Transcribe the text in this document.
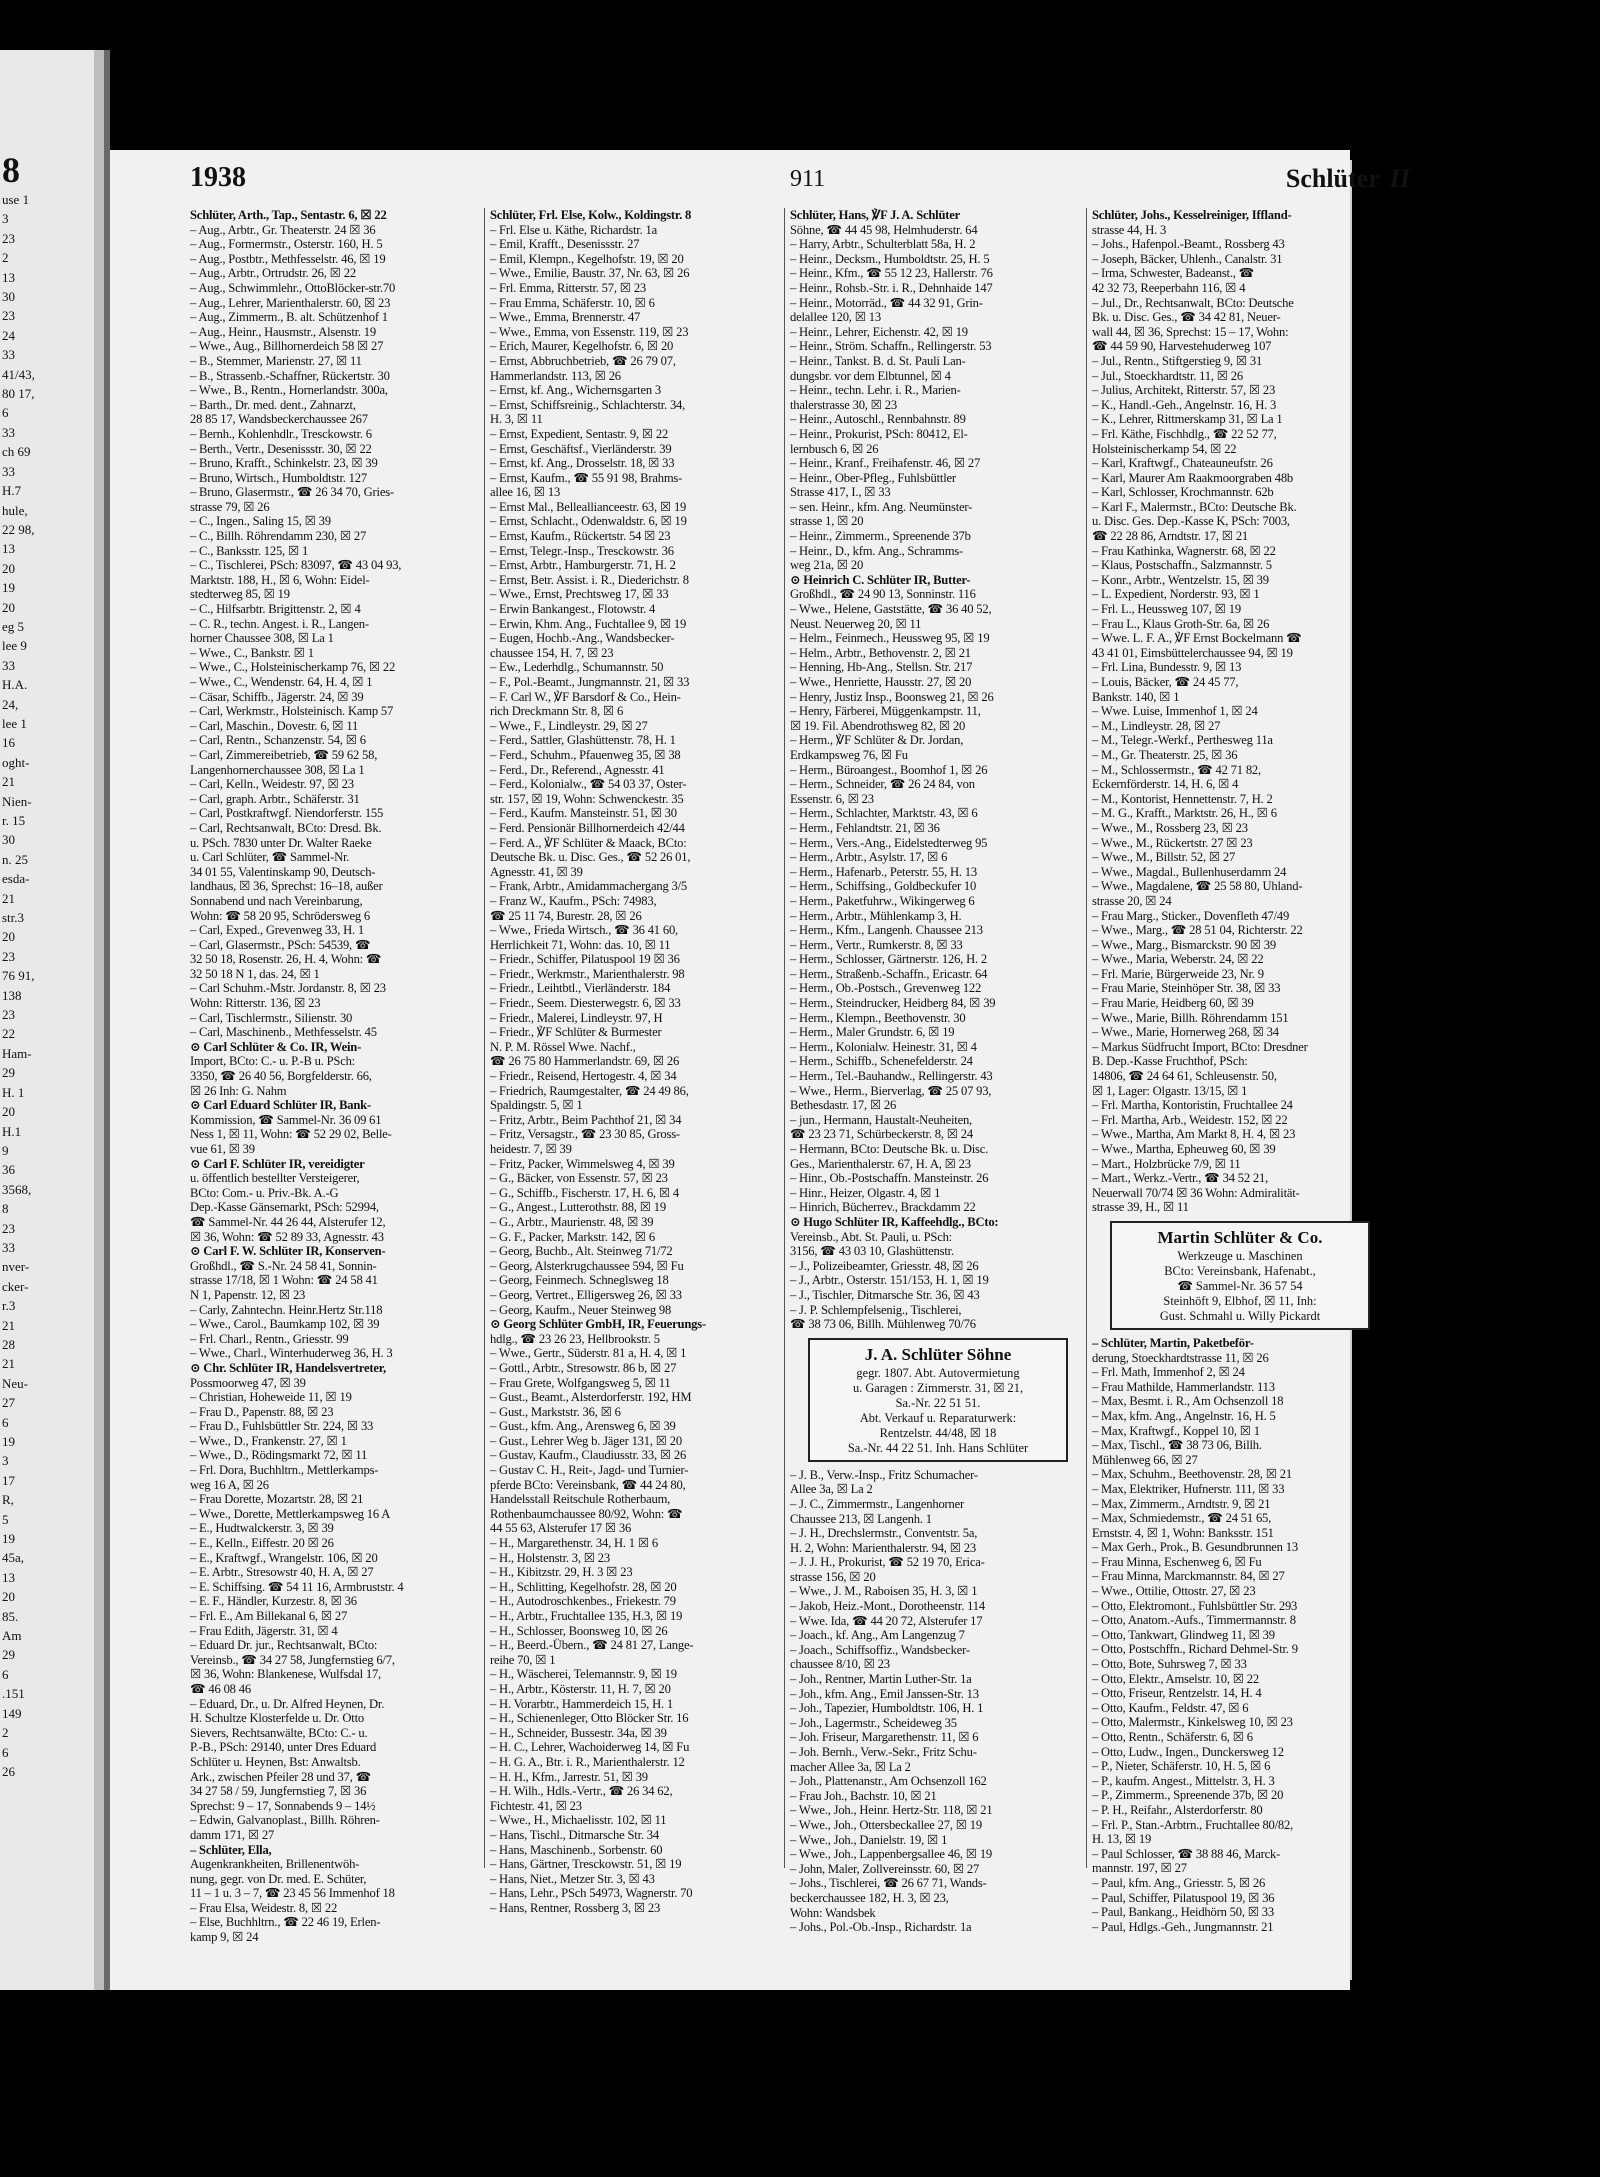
8
use 1
3
23
2
13
30
23
24
33
41/43,
80 17,
6
33
ch 69
33
H.7
hule,
22 98,
13
20
19
20
eg 5
lee 9
33
H.A.
24,
lee 1
16
oght-
21
Nien-
r. 15
30
n. 25
esda-
21
str.3
20
23
76 91,
138
23
22
Ham-
29
H. 1
20
H.1
9
36
3568,
8
23
33
nver-
cker-
r.3
21
28
21
Neu-
27
6
19
3
17
R,
5
19
45a,
13
20
85.
Am
29
6
.151
149
2
6
26
1938	911	Schlüter II
Schlüter, Arth., Tap., Sentastr. 6, ☒ 22
– Aug., Arbtr., Gr. Theaterstr. 24 ☒ 36
– Aug., Formermstr., Osterstr. 160, H. 5
– Aug., Postbtr., Methfesselstr. 46, ☒ 19
– Aug., Arbtr., Ortrudstr. 26, ☒ 22
– Aug., Schwimmlehr., OttoBlöcker-str.70
– Aug., Lehrer, Marienthalerstr. 60, ☒ 23
– Aug., Zimmerm., B. alt. Schützenhof 1
– Aug., Heinr., Hausmstr., Alsenstr. 19
– Wwe., Aug., Billhornerdeich 58 ☒ 27
– B., Stemmer, Marienstr. 27, ☒ 11
– B., Strassenb.-Schaffner, Rückertstr. 30
– Wwe., B., Rentn., Hornerlandstr. 300a,
– Barth., Dr. med. dent., Zahnarzt,
28 85 17, Wandsbeckerchaussee 267
– Bernh., Kohlenhdlr., Tresckowstr. 6
– Berth., Vertr., Desenissstr. 30, ☒ 22
– Bruno, Krafft., Schinkelstr. 23, ☒ 39
– Bruno, Wirtsch., Humboldtstr. 127
– Bruno, Glasermstr., ☎ 26 34 70, Gries-
strasse 79, ☒ 26
– C., Ingen., Saling 15, ☒ 39
– C., Billh. Röhrendamm 230, ☒ 27
– C., Banksstr. 125, ☒ 1
– C., Tischlerei, PSch: 83097, ☎ 43 04 93,
Marktstr. 188, H., ☒ 6, Wohn: Eidel-
stedterweg 85, ☒ 19
– C., Hilfsarbtr. Brigittenstr. 2, ☒ 4
– C. R., techn. Angest. i. R., Langen-
horner Chaussee 308, ☒ La 1
– Wwe., C., Bankstr. ☒ 1
– Wwe., C., Holsteinischerkamp 76, ☒ 22
– Wwe., C., Wendenstr. 64, H. 4, ☒ 1
– Cäsar, Schiffb., Jägerstr. 24, ☒ 39
– Carl, Werkmstr., Holsteinisch. Kamp 57
– Carl, Maschin., Dovestr. 6, ☒ 11
– Carl, Rentn., Schanzenstr. 54, ☒ 6
– Carl, Zimmereibetrieb, ☎ 59 62 58,
Langenhornerchaussee 308, ☒ La 1
– Carl, Kelln., Weidestr. 97, ☒ 23
– Carl, graph. Arbtr., Schäferstr. 31
– Carl, Postkraftwgf. Niendorferstr. 155
– Carl, Rechtsanwalt, BCto: Dresd. Bk.
u. PSch. 7830 unter Dr. Walter Raeke
u. Carl Schlüter, ☎ Sammel-Nr.
34 01 55, Valentinskamp 90, Deutsch-
landhaus, ☒ 36, Sprechst: 16–18, außer
Sonnabend und nach Vereinbarung,
Wohn: ☎ 58 20 95, Schrödersweg 6
– Carl, Exped., Grevenweg 33, H. 1
– Carl, Glasermstr., PSch: 54539, ☎
32 50 18, Rosenstr. 26, H. 4, Wohn: ☎
32 50 18 N 1, das. 24, ☒ 1
– Carl Schuhm.-Mstr. Jordanstr. 8, ☒ 23
Wohn: Ritterstr. 136, ☒ 23
– Carl, Tischlermstr., Silienstr. 30
– Carl, Maschinenb., Methfesselstr. 45
⊙ Carl Schlüter & Co. IR, Wein-
Import, BCto: C.- u. P.-B u. PSch:
3350, ☎ 26 40 56, Borgfelderstr. 66,
☒ 26 Inh: G. Nahm
⊙ Carl Eduard Schlüter IR, Bank-
Kommission, ☎ Sammel-Nr. 36 09 61
Ness 1, ☒ 11, Wohn: ☎ 52 29 02, Belle-
vue 61, ☒ 39
⊙ Carl F. Schlüter IR, vereidigter
u. öffentlich bestellter Versteigerer,
BCto: Com.- u. Priv.-Bk. A.-G
Dep.-Kasse Gänsemarkt, PSch: 52994,
☎ Sammel-Nr. 44 26 44, Alsterufer 12,
☒ 36, Wohn: ☎ 52 89 33, Agnesstr. 43
⊙ Carl F. W. Schlüter IR, Konserven-
Großhdl., ☎ S.-Nr. 24 58 41, Sonnin-
strasse 17/18, ☒ 1 Wohn: ☎ 24 58 41
N 1, Papenstr. 12, ☒ 23
– Carly, Zahntechn. Heinr.Hertz Str.118
– Wwe., Carol., Baumkamp 102, ☒ 39
– Frl. Charl., Rentn., Griesstr. 99
– Wwe., Charl., Winterhuderweg 36, H. 3
⊙ Chr. Schlüter IR, Handelsvertreter,
Possmoorweg 47, ☒ 39
– Christian, Hoheweide 11, ☒ 19
– Frau D., Papenstr. 88, ☒ 23
– Frau D., Fuhlsbüttler Str. 224, ☒ 33
– Wwe., D., Frankenstr. 27, ☒ 1
– Wwe., D., Rödingsmarkt 72, ☒ 11
– Frl. Dora, Buchhltrn., Mettlerkamps-
weg 16 A, ☒ 26
– Frau Dorette, Mozartstr. 28, ☒ 21
– Wwe., Dorette, Mettlerkampsweg 16 A
– E., Hudtwalckerstr. 3, ☒ 39
– E., Kelln., Eiffestr. 20 ☒ 26
– E., Kraftwgf., Wrangelstr. 106, ☒ 20
– E. Arbtr., Stresowstr 40, H. A, ☒ 27
– E. Schiffsing. ☎ 54 11 16, Armbruststr. 4
– E. F., Händler, Kurzestr. 8, ☒ 36
– Frl. E., Am Billekanal 6, ☒ 27
– Frau Edith, Jägerstr. 31, ☒ 4
– Eduard Dr. jur., Rechtsanwalt, BCto:
Vereinsb., ☎ 34 27 58, Jungfernstieg 6/7,
☒ 36, Wohn: Blankenese, Wulfsdal 17,
☎ 46 08 46
– Eduard, Dr., u. Dr. Alfred Heynen, Dr.
H. Schultze Klosterfelde u. Dr. Otto
Sievers, Rechtsanwälte, BCto: C.- u.
P.-B., PSch: 29140, unter Dres Eduard
Schlüter u. Heynen, Bst: Anwaltsb.
Ark., zwischen Pfeiler 28 und 37, ☎
34 27 58 / 59, Jungfernstieg 7, ☒ 36
Sprechst: 9 – 17, Sonnabends 9 – 14½
– Edwin, Galvanoplast., Billh. Röhren-
damm 171, ☒ 27
– Schlüter, Ella,
Augenkrankheiten, Brillenentwöh-
nung, gegr. von Dr. med. E. Schüter,
11 – 1 u. 3 – 7, ☎ 23 45 56 Immenhof 18
– Frau Elsa, Weidestr. 8, ☒ 22
– Else, Buchhltrn., ☎ 22 46 19, Erlen-
kamp 9, ☒ 24
Schlüter, Frl. Else, Kolw., Koldingstr. 8
– Frl. Else u. Käthe, Richardstr. 1a
– Emil, Krafft., Desenissstr. 27
– Emil, Klempn., Kegelhofstr. 19, ☒ 20
– Wwe., Emilie, Baustr. 37, Nr. 63, ☒ 26
– Frl. Emma, Ritterstr. 57, ☒ 23
– Frau Emma, Schäferstr. 10, ☒ 6
– Wwe., Emma, Brennerstr. 47
– Wwe., Emma, von Essenstr. 119, ☒ 23
– Erich, Maurer, Kegelhofstr. 6, ☒ 20
– Ernst, Abbruchbetrieb, ☎ 26 79 07,
Hammerlandstr. 113, ☒ 26
– Ernst, kf. Ang., Wichernsgarten 3
– Ernst, Schiffsreinig., Schlachterstr. 34,
H. 3, ☒ 11
– Ernst, Expedient, Sentastr. 9, ☒ 22
– Ernst, Geschäftsf., Vierländerstr. 39
– Ernst, kf. Ang., Drosselstr. 18, ☒ 33
– Ernst, Kaufm., ☎ 55 91 98, Brahms-
allee 16, ☒ 13
– Ernst Mal., Belleallianceestr. 63, ☒ 19
– Ernst, Schlacht., Odenwaldstr. 6, ☒ 19
– Ernst, Kaufm., Rückertstr. 54 ☒ 23
– Ernst, Telegr.-Insp., Tresckowstr. 36
– Ernst, Arbtr., Hamburgerstr. 71, H. 2
– Ernst, Betr. Assist. i. R., Diederichstr. 8
– Wwe., Ernst, Prechtsweg 17, ☒ 33
– Erwin Bankangest., Flotowstr. 4
– Erwin, Khm. Ang., Fuchtallee 9, ☒ 19
– Eugen, Hochb.-Ang., Wandsbecker-
chaussee 154, H. 7, ☒ 23
– Ew., Lederhdlg., Schumannstr. 50
– F., Pol.-Beamt., Jungmannstr. 21, ☒ 33
– F. Carl W., ℣F Barsdorf & Co., Hein-
rich Dreckmann Str. 8, ☒ 6
– Wwe., F., Lindleystr. 29, ☒ 27
– Ferd., Sattler, Glashüttenstr. 78, H. 1
– Ferd., Schuhm., Pfauenweg 35, ☒ 38
– Ferd., Dr., Referend., Agnesstr. 41
– Ferd., Kolonialw., ☎ 54 03 37, Oster-
str. 157, ☒ 19, Wohn: Schwenckestr. 35
– Ferd., Kaufm. Mansteinstr. 51, ☒ 30
– Ferd. Pensionär Billhornerdeich 42/44
– Ferd. A., ℣F Schlüter & Maack, BCto:
Deutsche Bk. u. Disc. Ges., ☎ 52 26 01,
Agnesstr. 41, ☒ 39
– Frank, Arbtr., Amidammachergang 3/5
– Franz W., Kaufm., PSch: 74983,
☎ 25 11 74, Burestr. 28, ☒ 26
– Wwe., Frieda Wirtsch., ☎ 36 41 60,
Herrlichkeit 71, Wohn: das. 10, ☒ 11
– Friedr., Schiffer, Pilatuspool 19 ☒ 36
– Friedr., Werkmstr., Marienthalerstr. 98
– Friedr., Leihtbtl., Vierländerstr. 184
– Friedr., Seem. Diesterwegstr. 6, ☒ 33
– Friedr., Malerei, Lindleystr. 97, H
– Friedr., ℣F Schlüter & Burmester
N. P. M. Rössel Wwe. Nachf.,
☎ 26 75 80 Hammerlandstr. 69, ☒ 26
– Friedr., Reisend, Hertogestr. 4, ☒ 34
– Friedrich, Raumgestalter, ☎ 24 49 86,
Spaldingstr. 5, ☒ 1
– Fritz, Arbtr., Beim Pachthof 21, ☒ 34
– Fritz, Versagstr., ☎ 23 30 85, Gross-
heidestr. 7, ☒ 39
– Fritz, Packer, Wimmelsweg 4, ☒ 39
– G., Bäcker, von Essenstr. 57, ☒ 23
– G., Schiffb., Fischerstr. 17, H. 6, ☒ 4
– G., Angest., Lutterothstr. 88, ☒ 19
– G., Arbtr., Maurienstr. 48, ☒ 39
– G. F., Packer, Markstr. 142, ☒ 6
– Georg, Buchb., Alt. Steinweg 71/72
– Georg, Alsterkrugchaussee 594, ☒ Fu
– Georg, Feinmech. Schneglsweg 18
– Georg, Vertret., Elligersweg 26, ☒ 33
– Georg, Kaufm., Neuer Steinweg 98
⊙ Georg Schlüter GmbH, IR, Feuerungs-
hdlg., ☎ 23 26 23, Hellbrookstr. 5
– Wwe., Gertr., Süderstr. 81 a, H. 4, ☒ 1
– Gottl., Arbtr., Stresowstr. 86 b, ☒ 27
– Frau Grete, Wolfgangsweg 5, ☒ 11
– Gust., Beamt., Alsterdorferstr. 192, HM
– Gust., Markststr. 36, ☒ 6
– Gust., kfm. Ang., Arensweg 6, ☒ 39
– Gust., Lehrer Weg b. Jäger 131, ☒ 20
– Gustav, Kaufm., Claudiusstr. 33, ☒ 26
– Gustav C. H., Reit-, Jagd- und Turnier-
pferde BCto: Vereinsbank, ☎ 44 24 80,
Handelsstall Reitschule Rotherbaum,
Rothenbaumchaussee 80/92, Wohn: ☎
44 55 63, Alsterufer 17 ☒ 36
– H., Margarethenstr. 34, H. 1 ☒ 6
– H., Holstenstr. 3, ☒ 23
– H., Kibitzstr. 29, H. 3 ☒ 23
– H., Schlitting, Kegelhofstr. 28, ☒ 20
– H., Autodroschkenbes., Friekestr. 79
– H., Arbtr., Fruchtallee 135, H.3, ☒ 19
– H., Schlosser, Boonsweg 10, ☒ 26
– H., Beerd.-Übern., ☎ 24 81 27, Lange-
reihe 70, ☒ 1
– H., Wäscherei, Telemannstr. 9, ☒ 19
– H., Arbtr., Kösterstr. 11, H. 7, ☒ 20
– H. Vorarbtr., Hammerdeich 15, H. 1
– H., Schienenleger, Otto Blöcker Str. 16
– H., Schneider, Bussestr. 34a, ☒ 39
– H. C., Lehrer, Wachoiderweg 14, ☒ Fu
– H. G. A., Btr. i. R., Marienthalerstr. 12
– H. H., Kfm., Jarrestr. 51, ☒ 39
– H. Wilh., Hdls.-Vertr., ☎ 26 34 62,
Fichtestr. 41, ☒ 23
– Wwe., H., Michaelisstr. 102, ☒ 11
– Hans, Tischl., Ditmarsche Str. 34
– Hans, Maschinenb., Sorbenstr. 60
– Hans, Gärtner, Tresckowstr. 51, ☒ 19
– Hans, Niet., Metzer Str. 3, ☒ 43
– Hans, Lehr., PSch 54973, Wagnerstr. 70
– Hans, Rentner, Rossberg 3, ☒ 23
Schlüter, Hans, ℣F J. A. Schlüter
Söhne, ☎ 44 45 98, Helmhuderstr. 64
– Harry, Arbtr., Schulterblatt 58a, H. 2
– Heinr., Decksm., Humboldtstr. 25, H. 5
– Heinr., Kfm., ☎ 55 12 23, Hallerstr. 76
– Heinr., Rohsb.-Str. i. R., Dehnhaide 147
– Heinr., Motorräd., ☎ 44 32 91, Grin-
delallee 120, ☒ 13
– Heinr., Lehrer, Eichenstr. 42, ☒ 19
– Heinr., Ström. Schaffn., Rellingerstr. 53
– Heinr., Tankst. B. d. St. Pauli Lan-
dungsbr. vor dem Elbtunnel, ☒ 4
– Heinr., techn. Lehr. i. R., Marien-
thalerstrasse 30, ☒ 23
– Heinr., Autoschl., Rennbahnstr. 89
– Heinr., Prokurist, PSch: 80412, El-
lernbusch 6, ☒ 26
– Heinr., Kranf., Freihafenstr. 46, ☒ 27
– Heinr., Ober-Pfleg., Fuhlsbüttler
Strasse 417, I., ☒ 33
– sen. Heinr., kfm. Ang. Neumünster-
strasse 1, ☒ 20
– Heinr., Zimmerm., Spreenende 37b
– Heinr., D., kfm. Ang., Schramms-
weg 21a, ☒ 20
⊙ Heinrich C. Schlüter IR, Butter-
Großhdl., ☎ 24 90 13, Sonninstr. 116
– Wwe., Helene, Gaststätte, ☎ 36 40 52,
Neust. Neuerweg 20, ☒ 11
– Helm., Feinmech., Heussweg 95, ☒ 19
– Helm., Arbtr., Bethovenstr. 2, ☒ 21
– Henning, Hb-Ang., Stellsn. Str. 217
– Wwe., Henriette, Hausstr. 27, ☒ 20
– Henry, Justiz Insp., Boonsweg 21, ☒ 26
– Henry, Färberei, Müggenkampstr. 11,
☒ 19. Fil. Abendrothsweg 82, ☒ 20
– Herm., ℣F Schlüter & Dr. Jordan,
Erdkampsweg 76, ☒ Fu
– Herm., Büroangest., Boomhof 1, ☒ 26
– Herm., Schneider, ☎ 26 24 84, von
Essenstr. 6, ☒ 23
– Herm., Schlachter, Marktstr. 43, ☒ 6
– Herm., Fehlandtstr. 21, ☒ 36
– Herm., Vers.-Ang., Eidelstedterweg 95
– Herm., Arbtr., Asylstr. 17, ☒ 6
– Herm., Hafenarb., Peterstr. 55, H. 13
– Herm., Schiffsing., Goldbeckufer 10
– Herm., Paketfuhrw., Wikingerweg 6
– Herm., Arbtr., Mühlenkamp 3, H.
– Herm., Kfm., Langenh. Chaussee 213
– Herm., Vertr., Rumkerstr. 8, ☒ 33
– Herm., Schlosser, Gärtnerstr. 126, H. 2
– Herm., Straßenb.-Schaffn., Ericastr. 64
– Herm., Ob.-Postsch., Grevenweg 122
– Herm., Steindrucker, Heidberg 84, ☒ 39
– Herm., Klempn., Beethovenstr. 30
– Herm., Maler Grundstr. 6, ☒ 19
– Herm., Kolonialw. Heinestr. 31, ☒ 4
– Herm., Schiffb., Schenefelderstr. 24
– Herm., Tel.-Bauhandw., Rellingerstr. 43
– Wwe., Herm., Bierverlag, ☎ 25 07 93,
Bethesdastr. 17, ☒ 26
– jun., Hermann, Haustalt-Neuheiten,
☎ 23 23 71, Schürbeckerstr. 8, ☒ 24
– Hermann, BCto: Deutsche Bk. u. Disc.
Ges., Marienthalerstr. 67, H. A, ☒ 23
– Hinr., Ob.-Postschaffn. Mansteinstr. 26
– Hinr., Heizer, Olgastr. 4, ☒ 1
– Hinrich, Bücherrev., Brackdamm 22
⊙ Hugo Schlüter IR, Kaffeehdlg., BCto:
Vereinsb., Abt. St. Pauli, u. PSch:
3156, ☎ 43 03 10, Glashüttenstr.
– J., Polizeibeamter, Griesstr. 48, ☒ 26
– J., Arbtr., Osterstr. 151/153, H. 1, ☒ 19
– J., Tischler, Ditmarsche Str. 36, ☒ 43
– J. P. Schlempfelsenig., Tischlerei,
☎ 38 73 06, Billh. Mühlenweg 70/76
J. A. Schlüter Söhne
gegr. 1807. Abt. Autovermietung
u. Garagen : Zimmerstr. 31, ☒ 21,
Sa.-Nr. 22 51 51.
Abt. Verkauf u. Reparaturwerk:
Rentzelstr. 44/48, ☒ 18
Sa.-Nr. 44 22 51. Inh. Hans Schlüter
– J. B., Verw.-Insp., Fritz Schumacher-
Allee 3a, ☒ La 2
– J. C., Zimmermstr., Langenhorner
Chaussee 213, ☒ Langenh. 1
– J. H., Drechslermstr., Conventstr. 5a,
H. 2, Wohn: Marienthalerstr. 94, ☒ 23
– J. J. H., Prokurist, ☎ 52 19 70, Erica-
strasse 156, ☒ 20
– Wwe., J. M., Raboisen 35, H. 3, ☒ 1
– Jakob, Heiz.-Mont., Dorotheenstr. 114
– Wwe. Ida, ☎ 44 20 72, Alsterufer 17
– Joach., kf. Ang., Am Langenzug 7
– Joach., Schiffsoffiz., Wandsbecker-
chaussee 8/10, ☒ 23
– Joh., Rentner, Martin Luther-Str. 1a
– Joh., kfm. Ang., Emil Janssen-Str. 13
– Joh., Tapezier, Humboldtstr. 106, H. 1
– Joh., Lagermstr., Scheideweg 35
– Joh. Friseur, Margarethenstr. 11, ☒ 6
– Joh. Bernh., Verw.-Sekr., Fritz Schu-
macher Allee 3a, ☒ La 2
– Joh., Plattenanstr., Am Ochsenzoll 162
– Frau Joh., Bachstr. 10, ☒ 21
– Wwe., Joh., Heinr. Hertz-Str. 118, ☒ 21
– Wwe., Joh., Ottersbeckallee 27, ☒ 19
– Wwe., Joh., Danielstr. 19, ☒ 1
– Wwe., Joh., Lappenbergsallee 46, ☒ 19
– John, Maler, Zollvereinsstr. 60, ☒ 27
– Johs., Tischlerei, ☎ 26 67 71, Wands-
beckerchaussee 182, H. 3, ☒ 23,
Wohn: Wandsbek
– Johs., Pol.-Ob.-Insp., Richardstr. 1a
Schlüter, Johs., Kesselreiniger, Iffland-
strasse 44, H. 3
– Johs., Hafenpol.-Beamt., Rossberg 43
– Joseph, Bäcker, Uhlenh., Canalstr. 31
– Irma, Schwester, Badeanst., ☎
42 32 73, Reeperbahn 116, ☒ 4
– Jul., Dr., Rechtsanwalt, BCto: Deutsche
Bk. u. Disc. Ges., ☎ 34 42 81, Neuer-
wall 44, ☒ 36, Sprechst: 15 – 17, Wohn:
☎ 44 59 90, Harvestehuderweg 107
– Jul., Rentn., Stiftgerstieg 9, ☒ 31
– Jul., Stoeckhardtstr. 11, ☒ 26
– Julius, Architekt, Ritterstr. 57, ☒ 23
– K., Handl.-Geh., Angelnstr. 16, H. 3
– K., Lehrer, Rittmerskamp 31, ☒ La 1
– Frl. Käthe, Fischhdlg., ☎ 22 52 77,
Holsteinischerkamp 54, ☒ 22
– Karl, Kraftwgf., Chateauneufstr. 26
– Karl, Maurer Am Raakmoorgraben 48b
– Karl, Schlosser, Krochmannstr. 62b
– Karl F., Malermstr., BCto: Deutsche Bk.
u. Disc. Ges. Dep.-Kasse K, PSch: 7003,
☎ 22 28 86, Arndtstr. 17, ☒ 21
– Frau Kathinka, Wagnerstr. 68, ☒ 22
– Klaus, Postschaffn., Salzmannstr. 5
– Konr., Arbtr., Wentzelstr. 15, ☒ 39
– L. Expedient, Norderstr. 93, ☒ 1
– Frl. L., Heussweg 107, ☒ 19
– Frau L., Klaus Groth-Str. 6a, ☒ 26
– Wwe. L. F. A., ℣F Ernst Bockelmann ☎
43 41 01, Eimsbüttelerchaussee 94, ☒ 19
– Frl. Lina, Bundesstr. 9, ☒ 13
– Louis, Bäcker, ☎ 24 45 77,
Bankstr. 140, ☒ 1
– Wwe. Luise, Immenhof 1, ☒ 24
– M., Lindleystr. 28, ☒ 27
– M., Telegr.-Werkf., Perthesweg 11a
– M., Gr. Theaterstr. 25, ☒ 36
– M., Schlossermstr., ☎ 42 71 82,
Eckernförderstr. 14, H. 6, ☒ 4
– M., Kontorist, Hennettenstr. 7, H. 2
– M. G., Krafft., Marktstr. 26, H., ☒ 6
– Wwe., M., Rossberg 23, ☒ 23
– Wwe., M., Rückertstr. 27 ☒ 23
– Wwe., M., Billstr. 52, ☒ 27
– Wwe., Magdal., Bullenhuserdamm 24
– Wwe., Magdalene, ☎ 25 58 80, Uhland-
strasse 20, ☒ 24
– Frau Marg., Sticker., Dovenfleth 47/49
– Wwe., Marg., ☎ 28 51 04, Richterstr. 22
– Wwe., Marg., Bismarckstr. 90 ☒ 39
– Wwe., Maria, Weberstr. 24, ☒ 22
– Frl. Marie, Bürgerweide 23, Nr. 9
– Frau Marie, Steinhöper Str. 38, ☒ 33
– Frau Marie, Heidberg 60, ☒ 39
– Wwe., Marie, Billh. Röhrendamm 151
– Wwe., Marie, Hornerweg 268, ☒ 34
– Markus Südfrucht Import, BCto: Dresdner
B. Dep.-Kasse Fruchthof, PSch:
14806, ☎ 24 64 61, Schleusenstr. 50,
☒ 1, Lager: Olgastr. 13/15, ☒ 1
– Frl. Martha, Kontoristin, Fruchtallee 24
– Frl. Martha, Arb., Weidestr. 152, ☒ 22
– Wwe., Martha, Am Markt 8, H. 4, ☒ 23
– Wwe., Martha, Epheuweg 60, ☒ 39
– Mart., Holzbrücke 7/9, ☒ 11
– Mart., Werkz.-Vertr., ☎ 34 52 21,
Neuerwall 70/74 ☒ 36 Wohn: Admiralität-
strasse 39, H., ☒ 11
Martin Schlüter & Co.
Werkzeuge u. Maschinen
BCto: Vereinsbank, Hafenabt.,
☎ Sammel-Nr. 36 57 54
Steinhöft 9, Elbhof, ☒ 11, Inh:
Gust. Schmahl u. Willy Pickardt
– Schlüter, Martin, Paketbeför-
derung, Stoeckhardtstrasse 11, ☒ 26
– Frl. Math, Immenhof 2, ☒ 24
– Frau Mathilde, Hammerlandstr. 113
– Max, Besmt. i. R., Am Ochsenzoll 18
– Max, kfm. Ang., Angelnstr. 16, H. 5
– Max, Kraftwgf., Koppel 10, ☒ 1
– Max, Tischl., ☎ 38 73 06, Billh.
Mühlenweg 66, ☒ 27
– Max, Schuhm., Beethovenstr. 28, ☒ 21
– Max, Elektriker, Hufnerstr. 111, ☒ 33
– Max, Zimmerm., Arndtstr. 9, ☒ 21
– Max, Schmiedemstr., ☎ 24 51 65,
Ernststr. 4, ☒ 1, Wohn: Banksstr. 151
– Max Gerh., Prok., B. Gesundbrunnen 13
– Frau Minna, Eschenweg 6, ☒ Fu
– Frau Minna, Marckmannstr. 84, ☒ 27
– Wwe., Ottilie, Ottostr. 27, ☒ 23
– Otto, Elektromont., Fuhlsbüttler Str. 293
– Otto, Anatom.-Aufs., Timmermannstr. 8
– Otto, Tankwart, Glindweg 11, ☒ 39
– Otto, Postschffn., Richard Dehmel-Str. 9
– Otto, Bote, Suhrsweg 7, ☒ 33
– Otto, Elektr., Amselstr. 10, ☒ 22
– Otto, Friseur, Rentzelstr. 14, H. 4
– Otto, Kaufm., Feldstr. 47, ☒ 6
– Otto, Malermstr., Kinkelsweg 10, ☒ 23
– Otto, Rentn., Schäferstr. 6, ☒ 6
– Otto, Ludw., Ingen., Dunckersweg 12
– P., Nieter, Schäferstr. 10, H. 5, ☒ 6
– P., kaufm. Angest., Mittelstr. 3, H. 3
– P., Zimmerm., Spreenende 37b, ☒ 20
– P. H., Reifahr., Alsterdorferstr. 80
– Frl. P., Stan.-Arbtrn., Fruchtallee 80/82,
H. 13, ☒ 19
– Paul Schlosser, ☎ 38 88 46, Marck-
mannstr. 197, ☒ 27
– Paul, kfm. Ang., Griesstr. 5, ☒ 26
– Paul, Schiffer, Pilatuspool 19, ☒ 36
– Paul, Bankang., Heidhörn 50, ☒ 33
– Paul, Hdlgs.-Geh., Jungmannstr. 21
